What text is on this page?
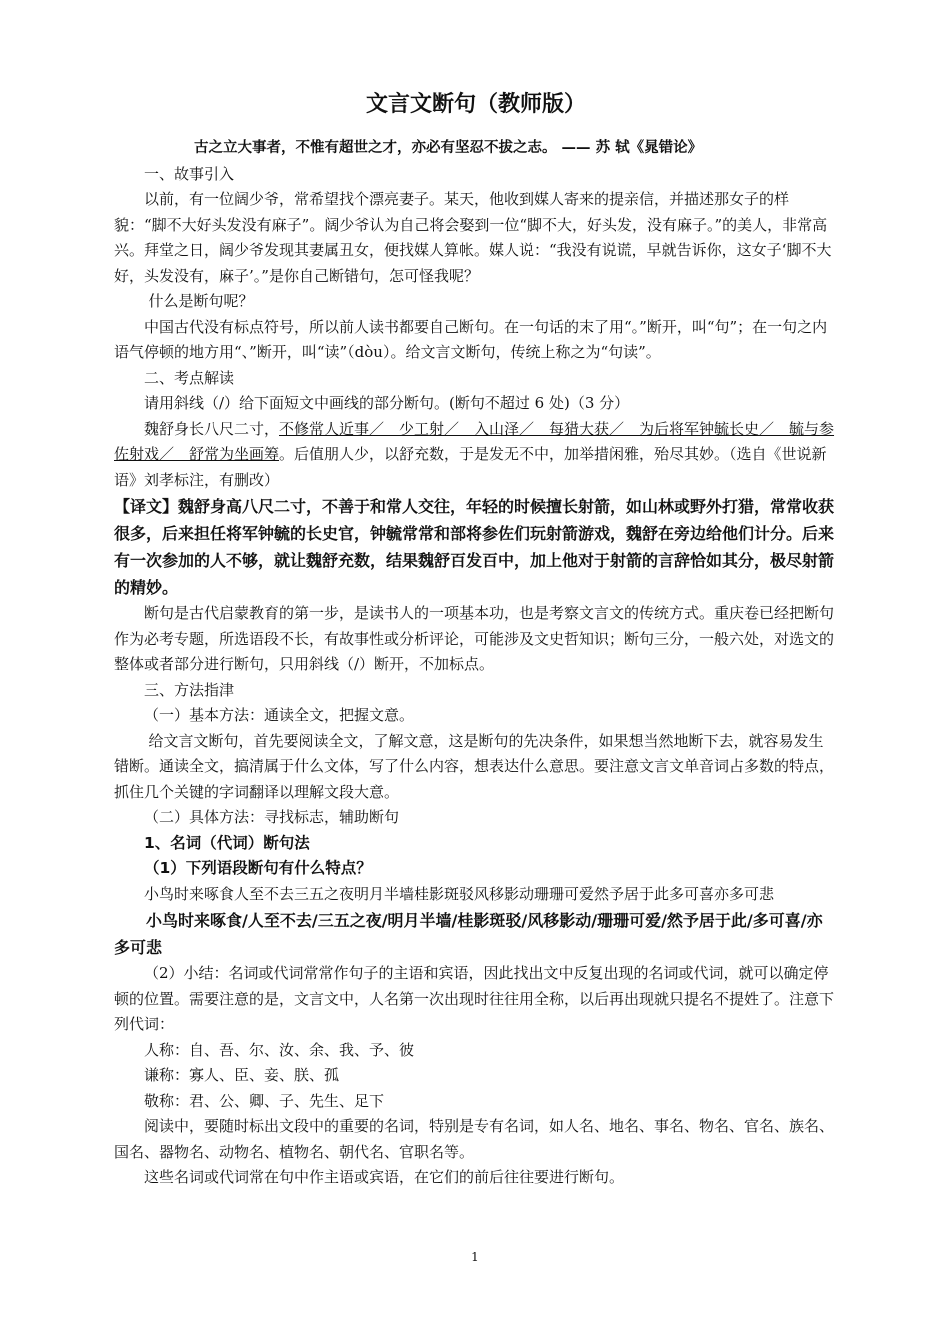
文言文断句（教师版）

古之立大事者，不惟有超世之才，亦必有坚忍不拔之志。 —— 苏 轼《晁错论》

一、故事引入

以前，有一位阔少爷，常希望找个漂亮妻子。某天，他收到媒人寄来的提亲信，并描述那女子的样貌：“脚不大好头发没有麻子”。阔少爷认为自己将会娶到一位“脚不大，好头发，没有麻子。”的美人，非常高兴。拜堂之日，阔少爷发现其妻属丑女，便找媒人算帐。媒人说：“我没有说谎，早就告诉你，这女子‘脚不大好，头发没有，麻子’。”是你自己断错句，怎可怪我呢？

什么是断句呢？

中国古代没有标点符号，所以前人读书都要自己断句。在一句话的末了用“。”断开，叫“句”；在一句之内语气停顿的地方用“、”断开，叫“读”（dòu）。给文言文断句，传统上称之为“句读”。

二、考点解读

请用斜线（/）给下面短文中画线的部分断句。(断句不超过 6 处)（3 分）

魏舒身长八尺二寸，不修常人近事／　少工射／　入山泽／　每猎大获／　为后将军钟毓长史／　毓与参佐射戏／　舒常为坐画筹。后值朋人少，以舒充数，于是发无不中，加举措闲雅，殆尽其妙。（选自《世说新语》刘孝标注，有删改）

【译文】魏舒身高八尺二寸，不善于和常人交往，年轻的时候擅长射箭，如山林或野外打猎，常常收获很多，后来担任将军钟毓的长史官，钟毓常常和部将参佐们玩射箭游戏，魏舒在旁边给他们计分。后来有一次参加的人不够，就让魏舒充数，结果魏舒百发百中，加上他对于射箭的言辞恰如其分，极尽射箭的精妙。

断句是古代启蒙教育的第一步，是读书人的一项基本功，也是考察文言文的传统方式。重庆卷已经把断句作为必考专题，所选语段不长，有故事性或分析评论，可能涉及文史哲知识；断句三分，一般六处，对选文的整体或者部分进行断句，只用斜线（/）断开，不加标点。

三、方法指津

（一）基本方法：通读全文，把握文意。

给文言文断句，首先要阅读全文，了解文意，这是断句的先决条件，如果想当然地断下去，就容易发生错断。通读全文，搞清属于什么文体，写了什么内容，想表达什么意思。要注意文言文单音词占多数的特点，抓住几个关键的字词翻译以理解文段大意。

（二）具体方法：寻找标志，辅助断句

1、名词（代词）断句法

（1）下列语段断句有什么特点？

小鸟时来啄食人至不去三五之夜明月半墙桂影斑驳风移影动珊珊可爱然予居于此多可喜亦多可悲

小鸟时来啄食/人至不去/三五之夜/明月半墙/桂影斑驳/风移影动/珊珊可爱/然予居于此/多可喜/亦多可悲

（2）小结：名词或代词常常作句子的主语和宾语，因此找出文中反复出现的名词或代词，就可以确定停顿的位置。需要注意的是，文言文中，人名第一次出现时往往用全称，以后再出现就只提名不提姓了。注意下列代词：

人称：自、吾、尔、汝、余、我、予、彼

谦称：寡人、臣、妾、朕、孤

敬称：君、公、卿、子、先生、足下

阅读中，要随时标出文段中的重要的名词，特别是专有名词，如人名、地名、事名、物名、官名、族名、国名、器物名、动物名、植物名、朝代名、官职名等。

这些名词或代词常在句中作主语或宾语，在它们的前后往往要进行断句。

1
